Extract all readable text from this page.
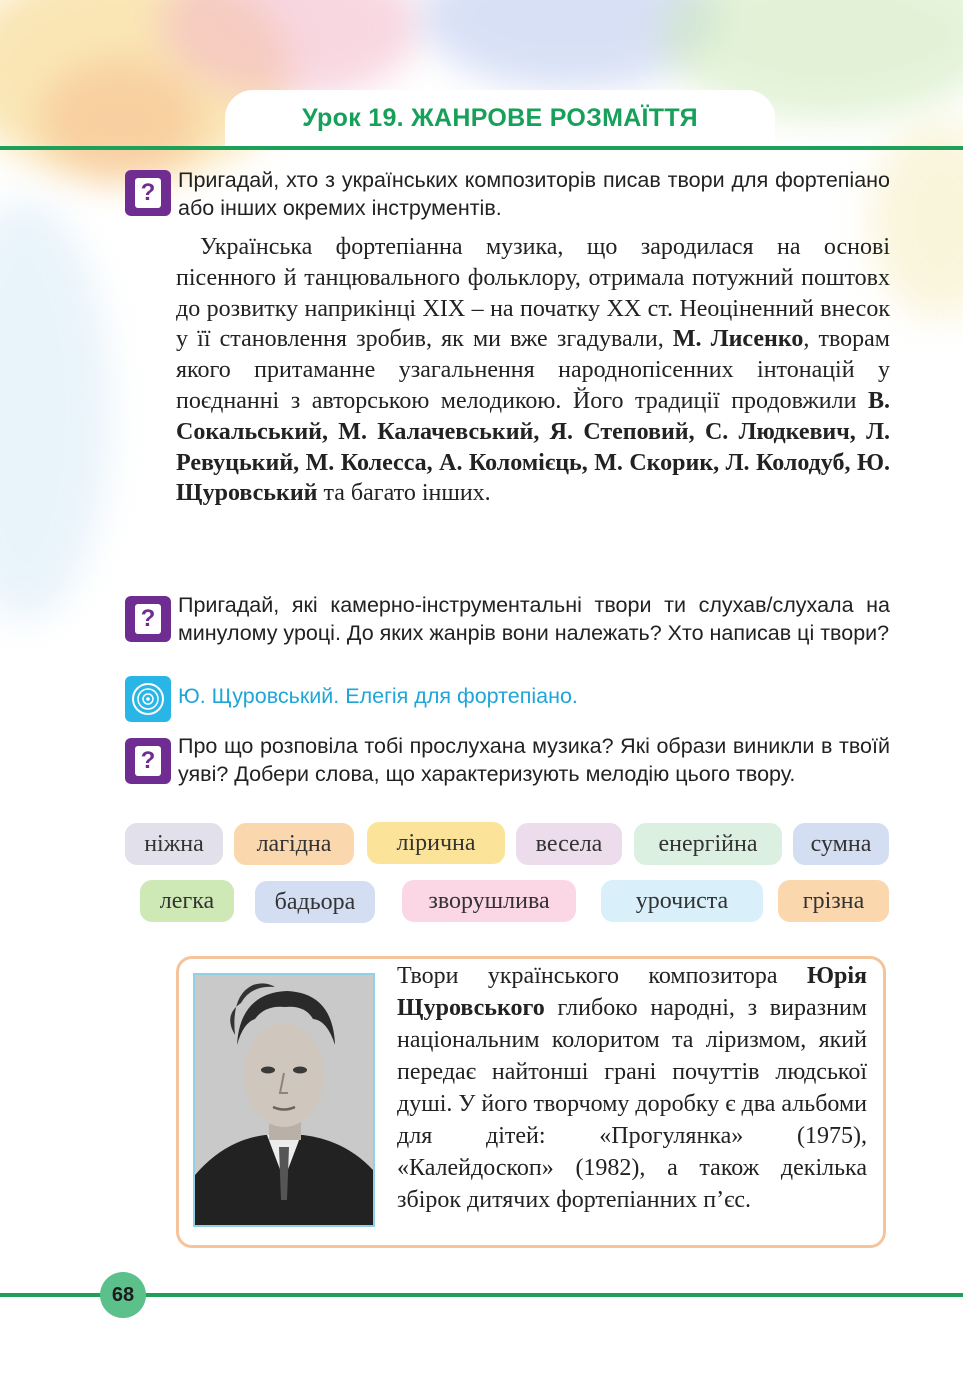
Урок 19. ЖАНРОВЕ РОЗМАЇТТЯ
? Пригадай, хто з українських композиторів писав твори для фортепіано або інших окремих інструментів.
Українська фортепіанна музика, що зародилася на основі пісенного й танцювального фольклору, отримала потужний поштовх до розвитку наприкінці ХІХ – на початку ХХ ст. Неоціненний внесок у її становлення зробив, як ми вже згадували, М. Лисенко, творам якого притаманне узагальнення народнопісенних інтонацій у поєднанні з авторською мелодикою. Його традиції продовжили В. Сокальський, М. Калачевський, Я. Степовий, С. Людкевич, Л. Ревуцький, М. Колесса, А. Коломієць, М. Скорик, Л. Колодуб, Ю. Щуровський та багато інших.
? Пригадай, які камерно-інструментальні твори ти слухав/слухала на минулому уроці. До яких жанрів вони належать? Хто написав ці твори?
Ю. Щуровський. Елегія для фортепіано.
?
Про що розповіла тобі прослухана музика? Які образи виникли в твоїй уяві? Добери слова, що характеризують мелодію цього твору.
ніжна лагідна	лірична	весела енергійна сумна
легка	бадьора	зворушлива	урочиста	грізна
Твори українського композитора Юрія Щуровського глибоко народні, з виразним національним колоритом та ліризмом, який передає найтонші грані почуттів людської душі. У його творчому доробку є два альбоми для дітей: «Прогулянка» (1975), «Калейдоскоп» (1982), а також декілька збірок дитячих фортепіанних п’єс.
68
